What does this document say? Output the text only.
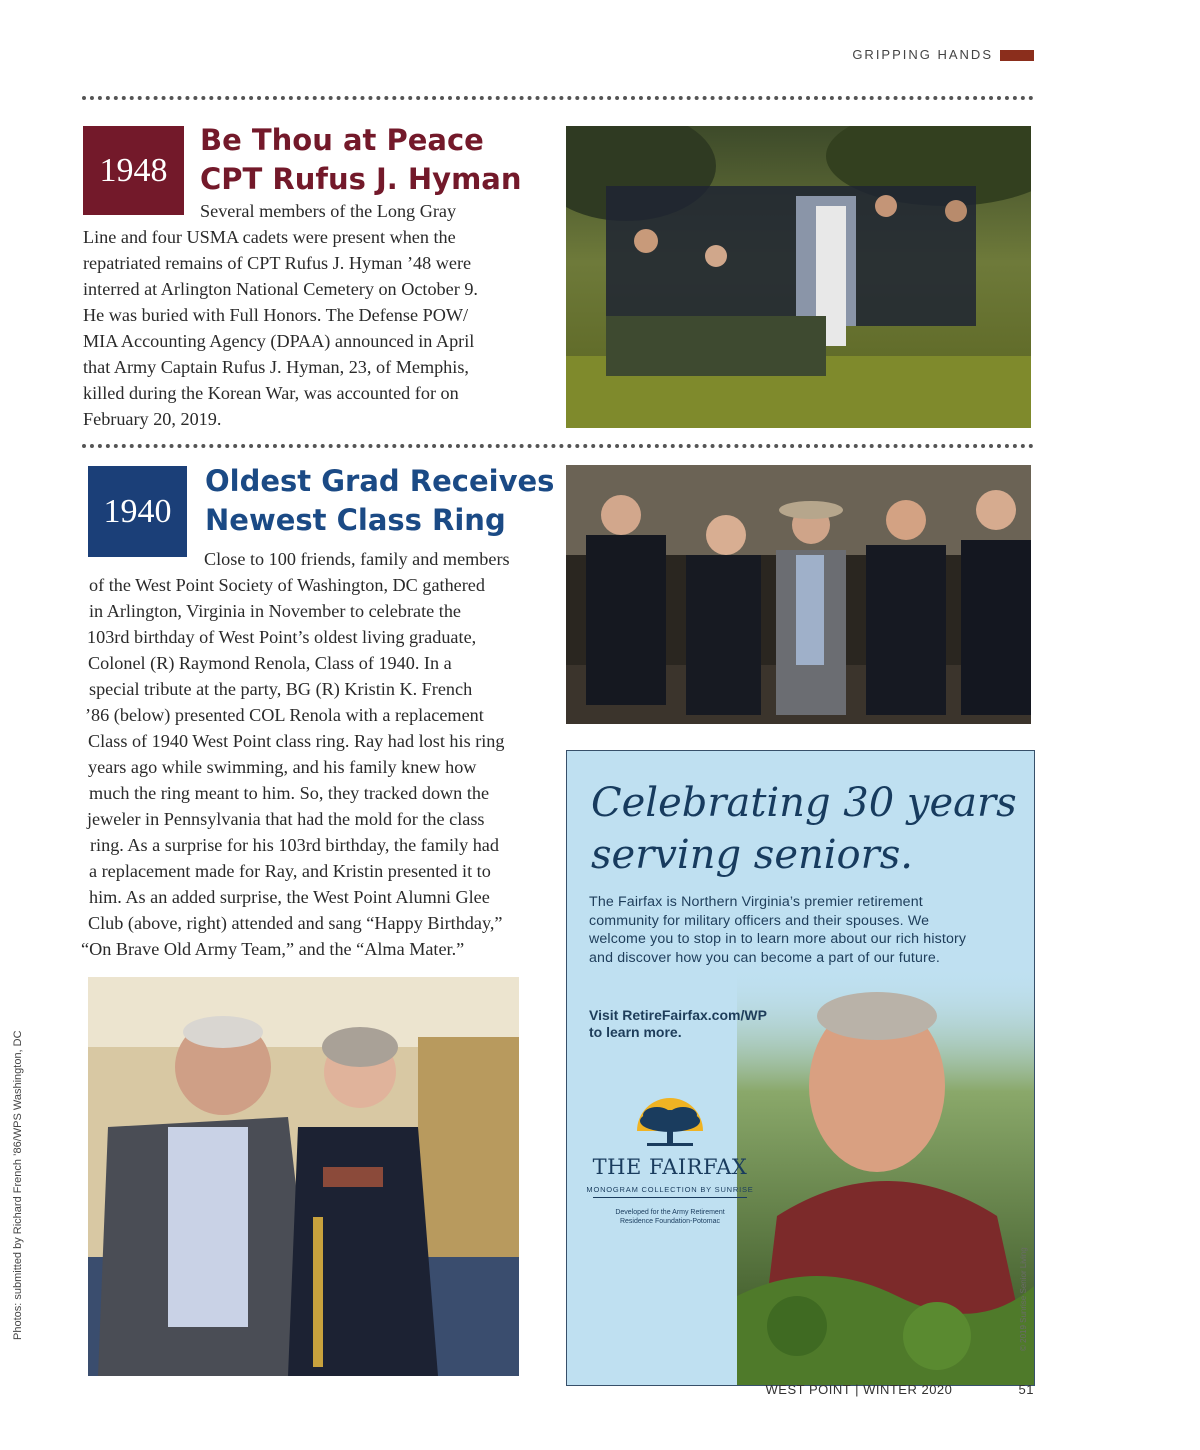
GRIPPING HANDS
1948
Be Thou at Peace
CPT Rufus J. Hyman
Several members of the Long Gray
Line and four USMA cadets were present when the
repatriated remains of CPT Rufus J. Hyman ’48 were
interred at Arlington National Cemetery on October 9.
He was buried with Full Honors. The Defense POW/
MIA Accounting Agency (DPAA) announced in April
that Army Captain Rufus J. Hyman, 23, of Memphis,
killed during the Korean War, was accounted for on
February 20, 2019.
1940
Oldest Grad Receives
Newest Class Ring
Close to 100 friends, family and members
of the West Point Society of Washington, DC gathered
in Arlington, Virginia in November to celebrate the
103rd birthday of West Point’s oldest living graduate,
Colonel (R) Raymond Renola, Class of 1940. In a
special tribute at the party, BG (R) Kristin K. French
’86 (below) presented COL Renola with a replacement
Class of 1940 West Point class ring. Ray had lost his ring
years ago while swimming, and his family knew how
much the ring meant to him. So, they tracked down the
jeweler in Pennsylvania that had the mold for the class
ring. As a surprise for his 103rd birthday, the family had
a replacement made for Ray, and Kristin presented it to
him. As an added surprise, the West Point Alumni Glee
Club (above, right) attended and sang “Happy Birthday,”
“On Brave Old Army Team,” and the “Alma Mater.”
Photos: submitted by Richard French ’86/WPS Washington, DC
Celebrating 30 years
serving seniors.
The Fairfax is Northern Virginia’s premier retirement
community for military officers and their spouses. We
welcome you to stop in to learn more about our rich history
and discover how you can become a part of our future.
Visit RetireFairfax.com/WP
to learn more.
THE FAIRFAX
MONOGRAM COLLECTION BY SUNRISE
Developed for the Army Retirement
Residence Foundation-Potomac
© 2019 Sunrise Senior Living
WEST POINT | WINTER 2020	51
